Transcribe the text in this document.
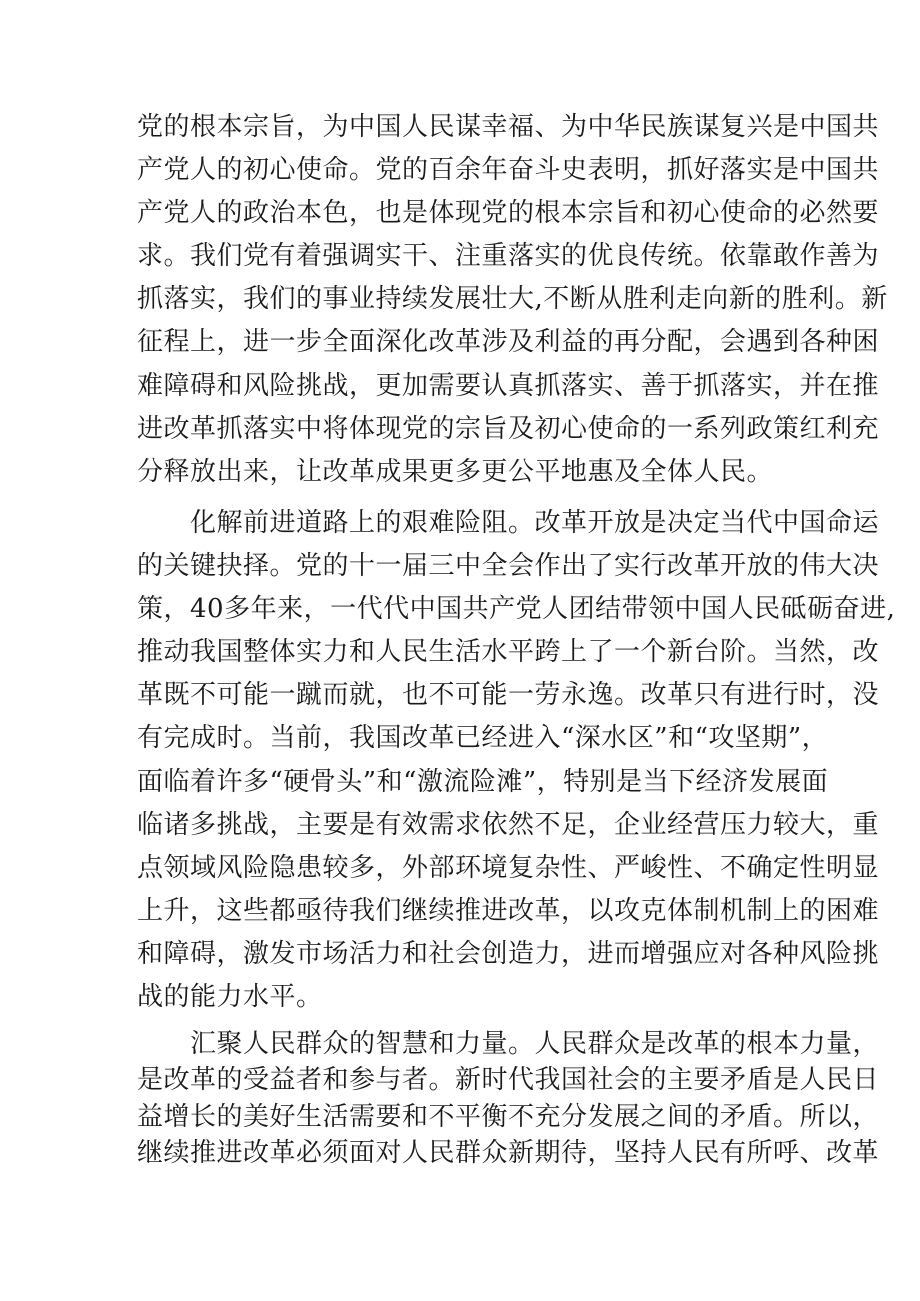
党的根本宗旨，为中国人民谋幸福、为中华民族谋复兴是中国共
产党人的初心使命。党的百余年奋斗史表明，抓好落实是中国共
产党人的政治本色，也是体现党的根本宗旨和初心使命的必然要
求。我们党有着强调实干、注重落实的优良传统。依靠敢作善为
抓落实，我们的事业持续发展壮大,不断从胜利走向新的胜利。新
征程上，进一步全面深化改革涉及利益的再分配，会遇到各种困
难障碍和风险挑战，更加需要认真抓落实、善于抓落实，并在推
进改革抓落实中将体现党的宗旨及初心使命的一系列政策红利充
分释放出来，让改革成果更多更公平地惠及全体人民。
　　化解前进道路上的艰难险阻。改革开放是决定当代中国命运
的关键抉择。党的十一届三中全会作出了实行改革开放的伟大决
策，40多年来，一代代中国共产党人团结带领中国人民砥砺奋进,
推动我国整体实力和人民生活水平跨上了一个新台阶。当然，改
革既不可能一蹴而就，也不可能一劳永逸。改革只有进行时，没
有完成时。当前，我国改革已经进入“深水区”和“攻坚期”，
面临着许多“硬骨头”和“激流险滩”，特别是当下经济发展面
临诸多挑战，主要是有效需求依然不足，企业经营压力较大，重
点领域风险隐患较多，外部环境复杂性、严峻性、不确定性明显
上升，这些都亟待我们继续推进改革，以攻克体制机制上的困难
和障碍，激发市场活力和社会创造力，进而增强应对各种风险挑
战的能力水平。
　　汇聚人民群众的智慧和力量。人民群众是改革的根本力量，
是改革的受益者和参与者。新时代我国社会的主要矛盾是人民日
益增长的美好生活需要和不平衡不充分发展之间的矛盾。所以，
继续推进改革必须面对人民群众新期待，坚持人民有所呼、改革
